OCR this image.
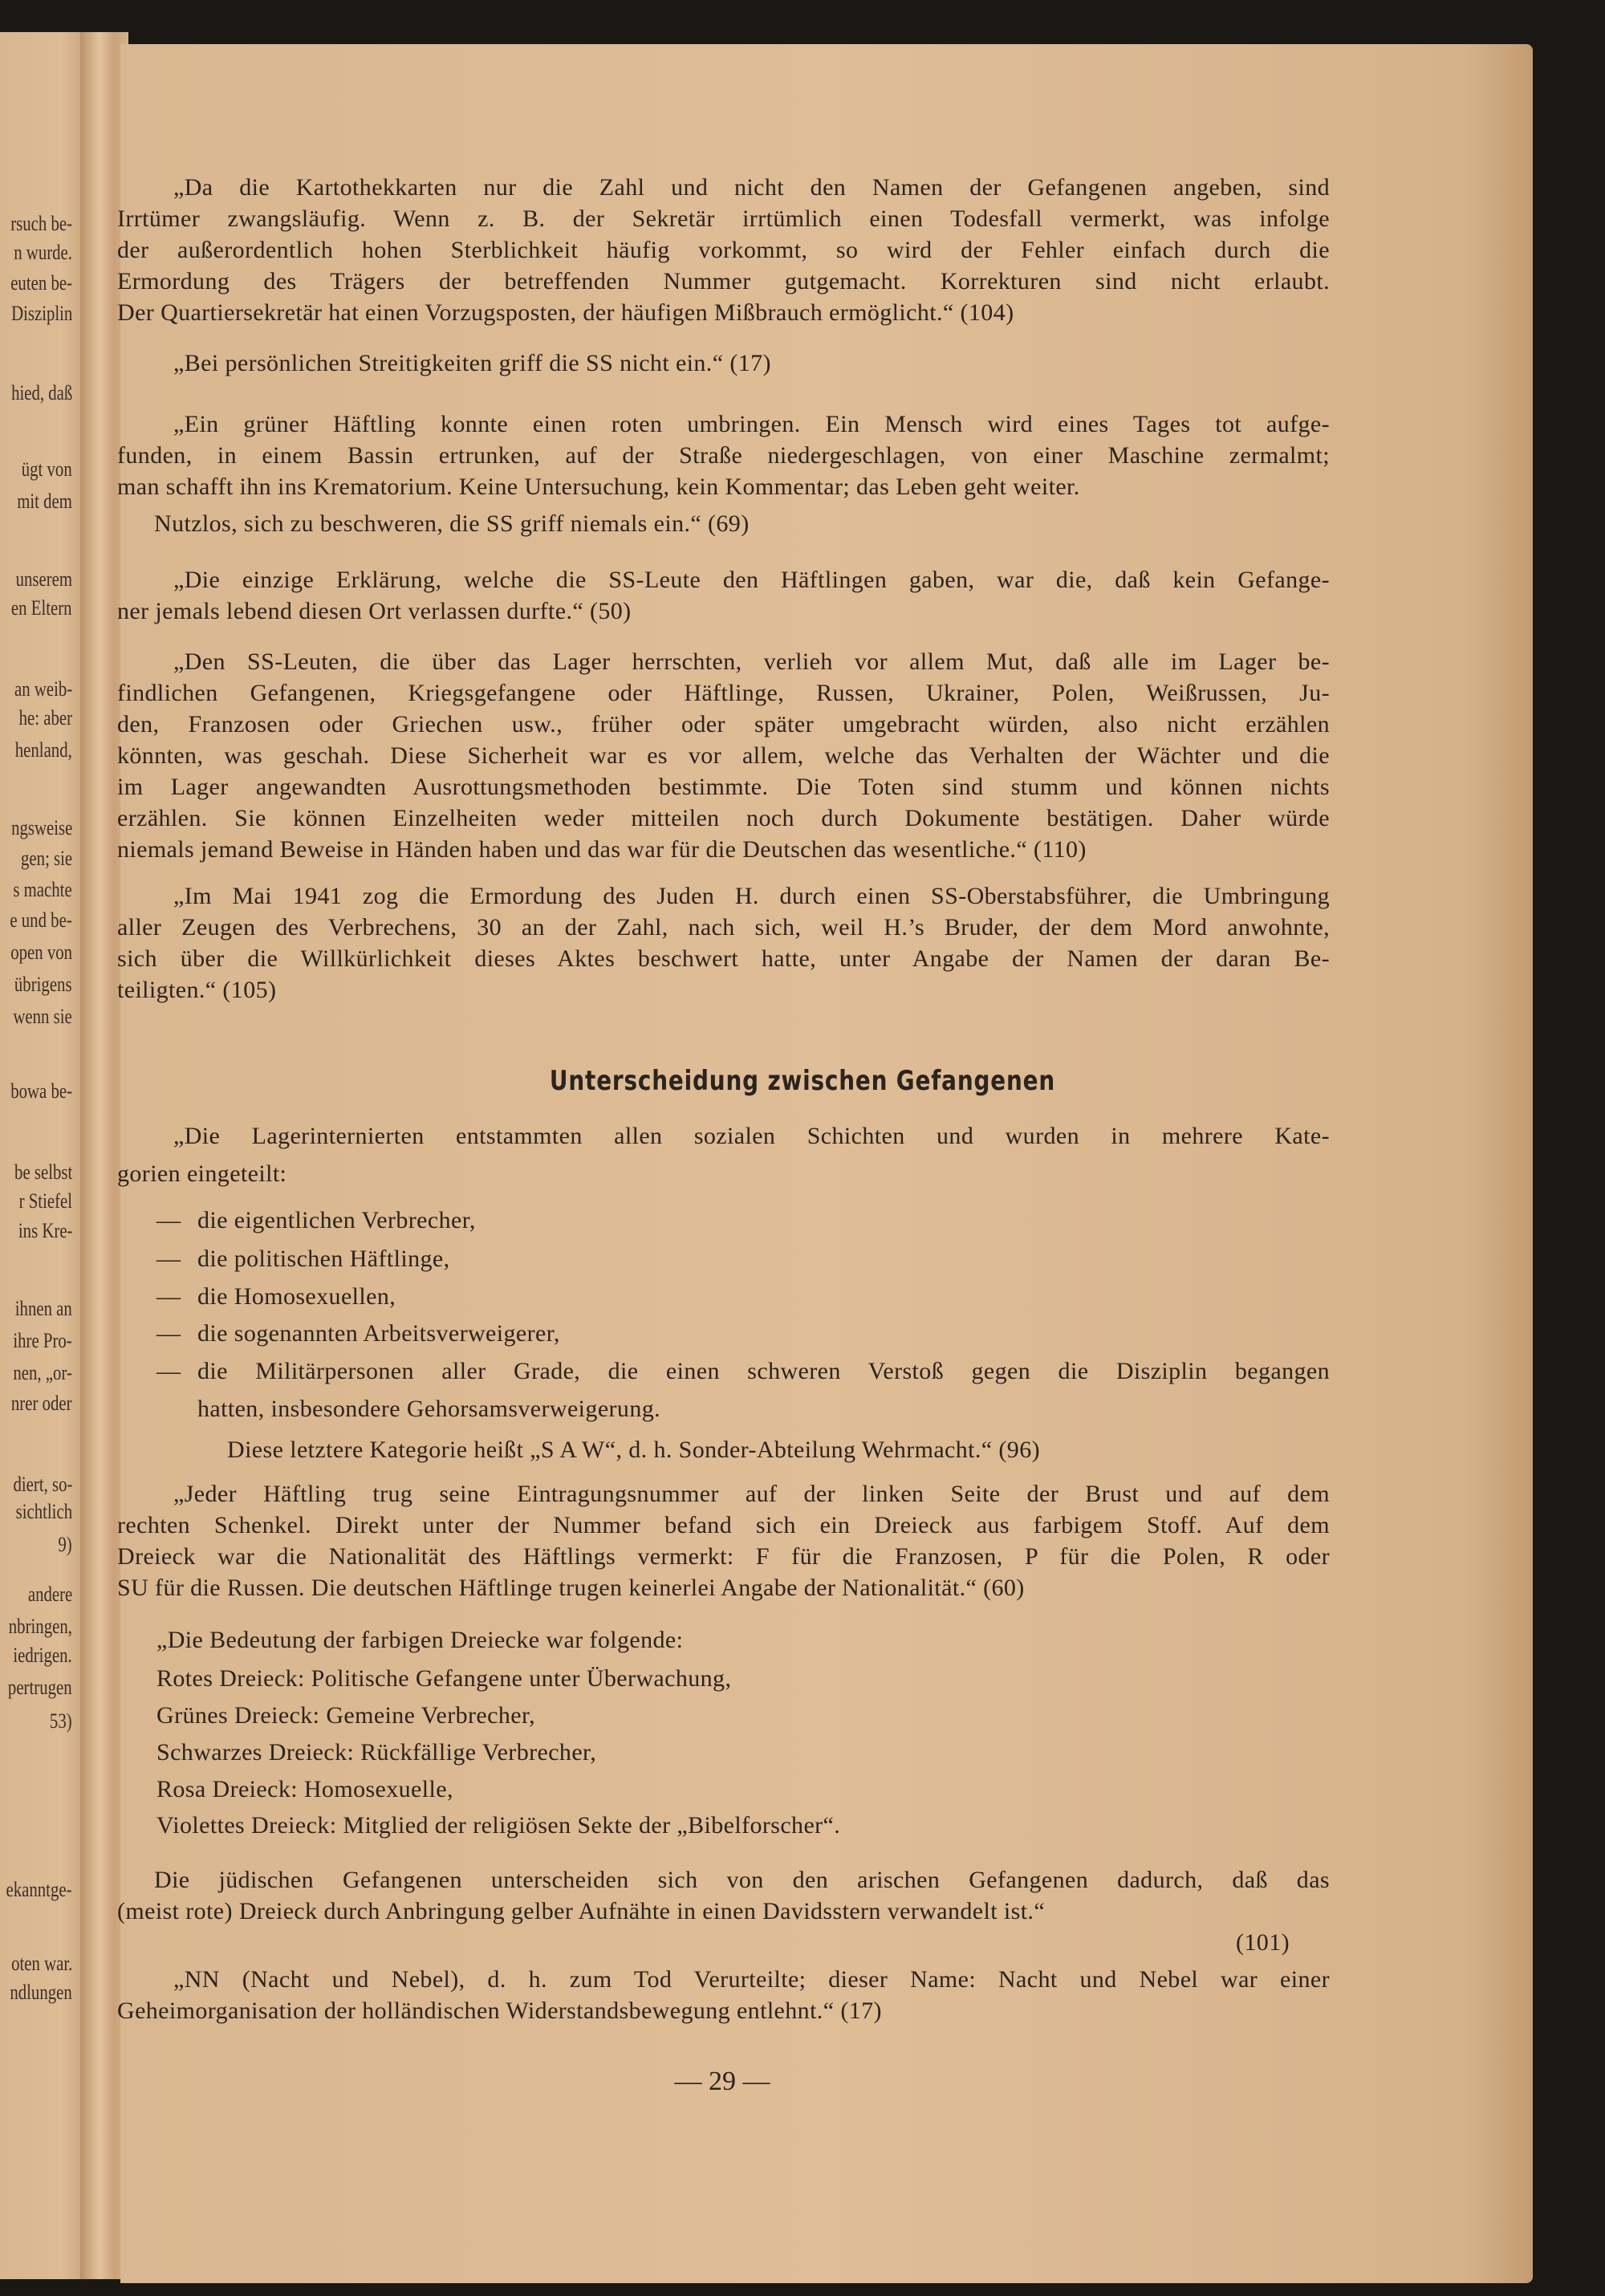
rsuch be-
n wurde.
euten be-
Disziplin
hied, daß
ügt von
mit dem
unserem
en Eltern
an weib-
he: aber
henland,
ngsweise
gen; sie
s machte
e und be-
open von
übrigens
wenn sie
bowa be-
be selbst
r Stiefel
ins Kre-
ihnen an
ihre Pro-
nen, „or-
nrer oder
diert, so-
sichtlich
9)
andere
nbringen,
iedrigen.
pertrugen
53)
ekanntge-
oten war.
ndlungen
„Da die Kartothekkarten nur die Zahl und nicht den Namen der Gefangenen angeben, sind
Irrtümer zwangsläufig. Wenn z. B. der Sekretär irrtümlich einen Todesfall vermerkt, was infolge
der außerordentlich hohen Sterblichkeit häufig vorkommt, so wird der Fehler einfach durch die
Ermordung des Trägers der betreffenden Nummer gutgemacht. Korrekturen sind nicht erlaubt.
Der Quartiersekretär hat einen Vorzugsposten, der häufigen Mißbrauch ermöglicht.“ (104)
„Bei persönlichen Streitigkeiten griff die SS nicht ein.“ (17)
„Ein grüner Häftling konnte einen roten umbringen. Ein Mensch wird eines Tages tot aufge-
funden, in einem Bassin ertrunken, auf der Straße niedergeschlagen, von einer Maschine zermalmt;
man schafft ihn ins Krematorium. Keine Untersuchung, kein Kommentar; das Leben geht weiter.
Nutzlos, sich zu beschweren, die SS griff niemals ein.“ (69)
„Die einzige Erklärung, welche die SS-Leute den Häftlingen gaben, war die, daß kein Gefange-
ner jemals lebend diesen Ort verlassen durfte.“ (50)
„Den SS-Leuten, die über das Lager herrschten, verlieh vor allem Mut, daß alle im Lager be-
findlichen Gefangenen, Kriegsgefangene oder Häftlinge, Russen, Ukrainer, Polen, Weißrussen, Ju-
den, Franzosen oder Griechen usw., früher oder später umgebracht würden, also nicht erzählen
könnten, was geschah. Diese Sicherheit war es vor allem, welche das Verhalten der Wächter und die
im Lager angewandten Ausrottungsmethoden bestimmte. Die Toten sind stumm und können nichts
erzählen. Sie können Einzelheiten weder mitteilen noch durch Dokumente bestätigen. Daher würde
niemals jemand Beweise in Händen haben und das war für die Deutschen das wesentliche.“ (110)
„Im Mai 1941 zog die Ermordung des Juden H. durch einen SS-Oberstabsführer, die Umbringung
aller Zeugen des Verbrechens, 30 an der Zahl, nach sich, weil H.’s Bruder, der dem Mord anwohnte,
sich über die Willkürlichkeit dieses Aktes beschwert hatte, unter Angabe der Namen der daran Be-
teiligten.“ (105)
„Die Lagerinternierten entstammten allen sozialen Schichten und wurden in mehrere Kate-
gorien eingeteilt:
— die eigentlichen Verbrecher,
— die politischen Häftlinge,
— die Homosexuellen,
— die sogenannten Arbeitsverweigerer,
— die Militärpersonen aller Grade, die einen schweren Verstoß gegen die Disziplin begangen
hatten, insbesondere Gehorsamsverweigerung.
Diese letztere Kategorie heißt „S A W“, d. h. Sonder-Abteilung Wehrmacht.“ (96)
„Jeder Häftling trug seine Eintragungsnummer auf der linken Seite der Brust und auf dem
rechten Schenkel. Direkt unter der Nummer befand sich ein Dreieck aus farbigem Stoff. Auf dem
Dreieck war die Nationalität des Häftlings vermerkt: F für die Franzosen, P für die Polen, R oder
SU für die Russen. Die deutschen Häftlinge trugen keinerlei Angabe der Nationalität.“ (60)
„Die Bedeutung der farbigen Dreiecke war folgende:
Rotes Dreieck: Politische Gefangene unter Überwachung,
Grünes Dreieck: Gemeine Verbrecher,
Schwarzes Dreieck: Rückfällige Verbrecher,
Rosa Dreieck: Homosexuelle,
Violettes Dreieck: Mitglied der religiösen Sekte der „Bibelforscher“.
Die jüdischen Gefangenen unterscheiden sich von den arischen Gefangenen dadurch, daß das
(meist rote) Dreieck durch Anbringung gelber Aufnähte in einen Davidsstern verwandelt ist.“
(101)
„NN (Nacht und Nebel), d. h. zum Tod Verurteilte; dieser Name: Nacht und Nebel war einer
Geheimorganisation der holländischen Widerstandsbewegung entlehnt.“ (17)
Unterscheidung zwischen Gefangenen
— 29 —
